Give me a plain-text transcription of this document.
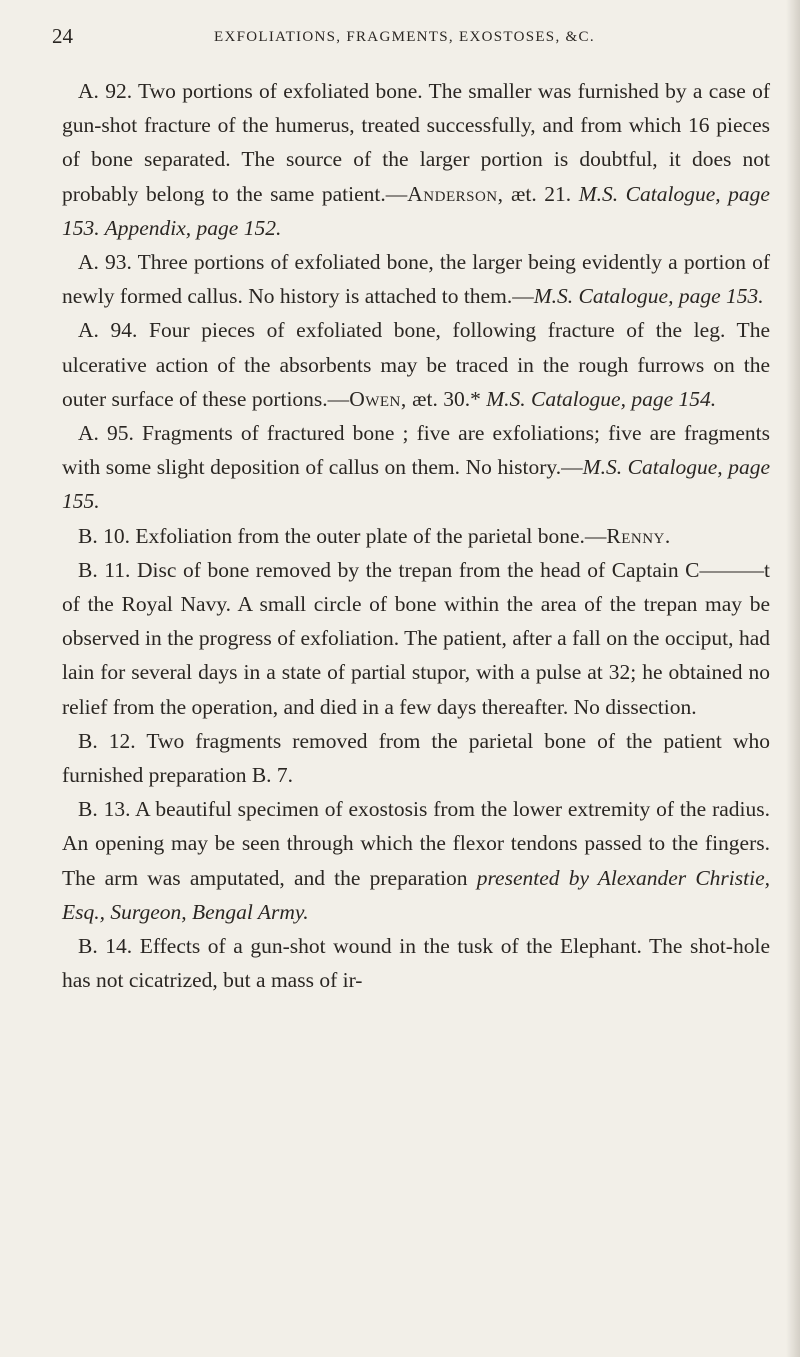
24	EXFOLIATIONS, FRAGMENTS, EXOSTOSES, &C.

A. 92. Two portions of exfoliated bone. The smaller was furnished by a case of gun-shot fracture of the humerus, treated successfully, and from which 16 pieces of bone separated. The source of the larger portion is doubtful, it does not probably belong to the same patient.—Anderson, æt. 21. M.S. Catalogue, page 153. Appendix, page 152.

A. 93. Three portions of exfoliated bone, the larger being evidently a portion of newly formed callus. No history is attached to them.—M.S. Catalogue, page 153.

A. 94. Four pieces of exfoliated bone, following fracture of the leg. The ulcerative action of the absorbents may be traced in the rough furrows on the outer surface of these portions.—Owen, æt. 30.* M.S. Catalogue, page 154.

A. 95. Fragments of fractured bone ; five are exfoliations; five are fragments with some slight deposition of callus on them. No history.—M.S. Catalogue, page 155.

B. 10. Exfoliation from the outer plate of the parietal bone.—Renny.

B. 11. Disc of bone removed by the trepan from the head of Captain C———t of the Royal Navy. A small circle of bone within the area of the trepan may be observed in the progress of exfoliation. The patient, after a fall on the occiput, had lain for several days in a state of partial stupor, with a pulse at 32; he obtained no relief from the operation, and died in a few days thereafter. No dissection.

B. 12. Two fragments removed from the parietal bone of the patient who furnished preparation B. 7.

B. 13. A beautiful specimen of exostosis from the lower extremity of the radius. An opening may be seen through which the flexor tendons passed to the fingers. The arm was amputated, and the preparation presented by Alexander Christie, Esq., Surgeon, Bengal Army.

B. 14. Effects of a gun-shot wound in the tusk of the Elephant. The shot-hole has not cicatrized, but a mass of ir-
